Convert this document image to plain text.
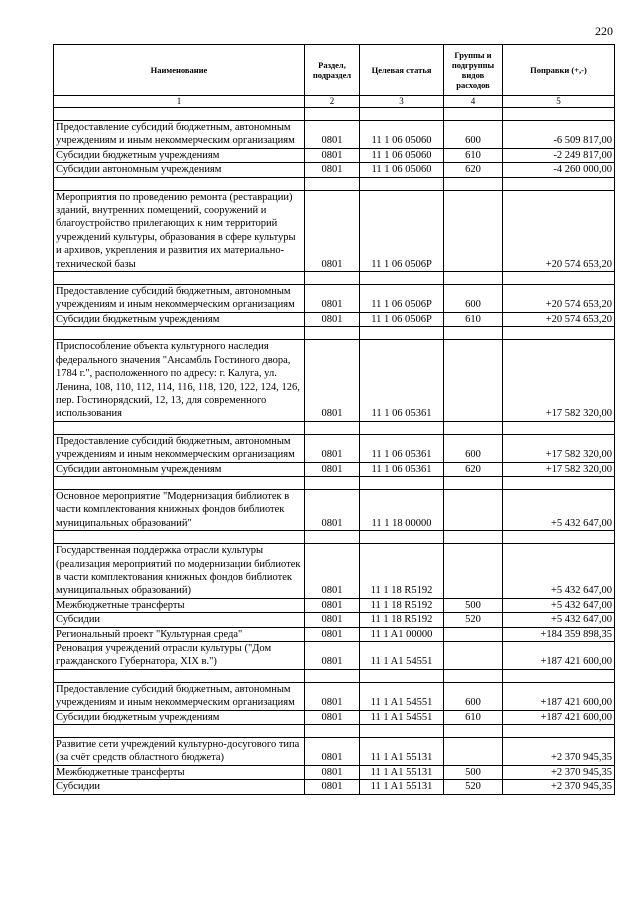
220
Наименование	Раздел, подраздел	Целевая статья	Группы и подгруппы видов расходов	Поправки (+,-)
1	2	3	4	5

Предоставление субсидий бюджетным, автономным учреждениям и иным некоммерческим организациям	0801	11 1 06 05060	600	-6 509 817,00
Субсидии бюджетным учреждениям	0801	11 1 06 05060	610	-2 249 817,00
Субсидии автономным учреждениям	0801	11 1 06 05060	620	-4 260 000,00

Мероприятия по проведению ремонта (реставрации) зданий, внутренних помещений, сооружений и благоустройство прилегающих к ним территорий учреждений культуры, образования в сфере культуры и архивов, укрепления и развития их материально-технической базы	0801	11 1 06 0506Р		+20 574 653,20

Предоставление субсидий бюджетным, автономным учреждениям и иным некоммерческим организациям	0801	11 1 06 0506Р	600	+20 574 653,20
Субсидии бюджетным учреждениям	0801	11 1 06 0506Р	610	+20 574 653,20

Приспособление объекта культурного наследия федерального значения "Ансамбль Гостиного двора, 1784 г.", расположенного по адресу: г. Калуга, ул. Ленина, 108, 110, 112, 114, 116, 118, 120, 122, 124, 126, пер. Гостинорядский, 12, 13, для современного использования	0801	11 1 06 05361		+17 582 320,00

Предоставление субсидий бюджетным, автономным учреждениям и иным некоммерческим организациям	0801	11 1 06 05361	600	+17 582 320,00
Субсидии автономным учреждениям	0801	11 1 06 05361	620	+17 582 320,00

Основное мероприятие "Модернизация библиотек в части комплектования книжных фондов библиотек муниципальных образований"	0801	11 1 18 00000		+5 432 647,00

Государственная поддержка отрасли культуры (реализация мероприятий по модернизации библиотек в части комплектования книжных фондов библиотек муниципальных образований)	0801	11 1 18 R5192		+5 432 647,00
Межбюджетные трансферты	0801	11 1 18 R5192	500	+5 432 647,00
Субсидии	0801	11 1 18 R5192	520	+5 432 647,00
Региональный проект "Культурная среда"	0801	11 1 A1 00000		+184 359 898,35
Реновация учреждений отрасли культуры ("Дом гражданского Губернатора, XIX в.")	0801	11 1 A1 54551		+187 421 600,00

Предоставление субсидий бюджетным, автономным учреждениям и иным некоммерческим организациям	0801	11 1 A1 54551	600	+187 421 600,00
Субсидии бюджетным учреждениям	0801	11 1 A1 54551	610	+187 421 600,00

Развитие сети учреждений культурно-досугового типа (за счёт средств областного бюджета)	0801	11 1 A1 55131		+2 370 945,35
Межбюджетные трансферты	0801	11 1 A1 55131	500	+2 370 945,35
Субсидии	0801	11 1 A1 55131	520	+2 370 945,35
